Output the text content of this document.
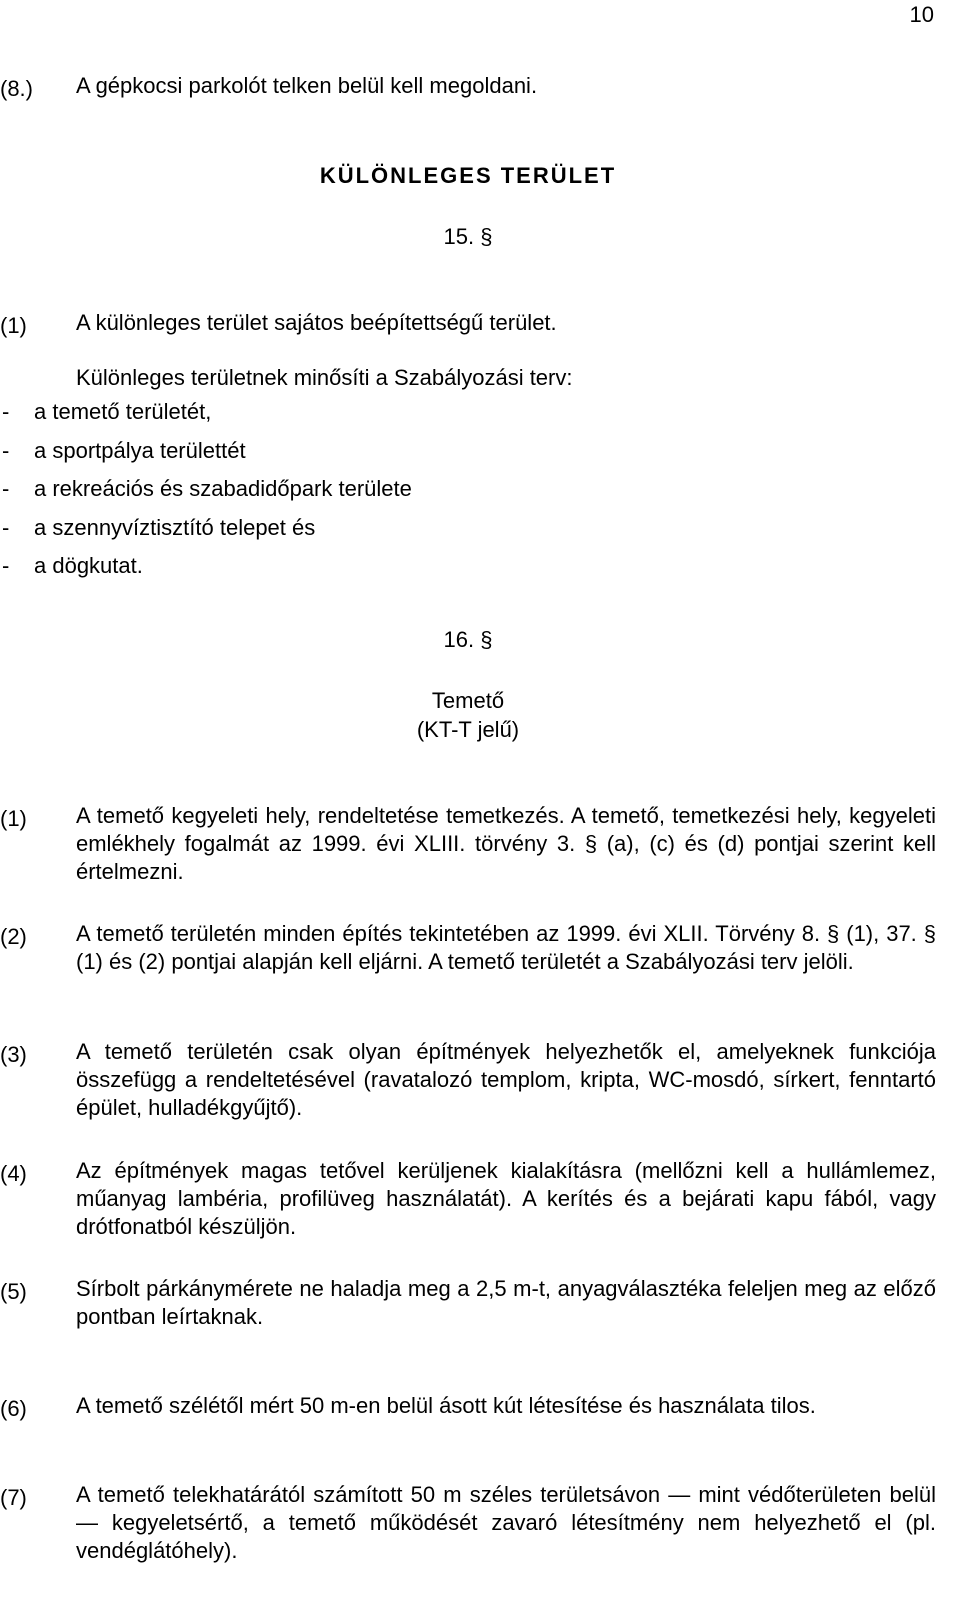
10
(8.) A gépkocsi parkolót telken belül kell megoldani.
KÜLÖNLEGES TERÜLET
15. §
(1) A különleges terület sajátos beépítettségű terület.
Különleges területnek minősíti a Szabályozási terv:
- a temető területét,
- a sportpálya területtét
- a rekreációs és szabadidőpark területe
- a szennyvíztisztító telepet és
- a dögkutat.
16. §
Temető
(KT-T jelű)
(1) A temető kegyeleti hely, rendeltetése temetkezés. A temető, temetkezési hely, kegyeleti emlékhely fogalmát az 1999. évi XLIII. törvény 3. § (a), (c) és (d) pontjai szerint kell értelmezni.
(2) A temető területén minden építés tekintetében az 1999. évi XLII. Törvény 8. § (1), 37. § (1) és (2) pontjai alapján kell eljárni. A temető területét a Szabályozási terv jelöli.
(3) A temető területén csak olyan építmények helyezhetők el, amelyeknek funkciója összefügg a rendeltetésével (ravatalozó templom, kripta, WC-mosdó, sírkert, fenntartó épület, hulladékgyűjtő).
(4) Az építmények magas tetővel kerüljenek kialakításra (mellőzni kell a hullámlemez, műanyag lambéria, profilüveg használatát). A kerítés és a bejárati kapu fából, vagy drótfonatból készüljön.
(5) Sírbolt párkánymérete ne haladja meg a 2,5 m-t, anyagválasztéka feleljen meg az előző pontban leírtaknak.
(6) A temető szélétől mért 50 m-en belül ásott kút létesítése és használata tilos.
(7) A temető telekhatárától számított 50 m széles területsávon — mint védőterületen belül — kegyeletsértő, a temető működését zavaró létesítmény nem helyezhető el (pl. vendéglátóhely).
